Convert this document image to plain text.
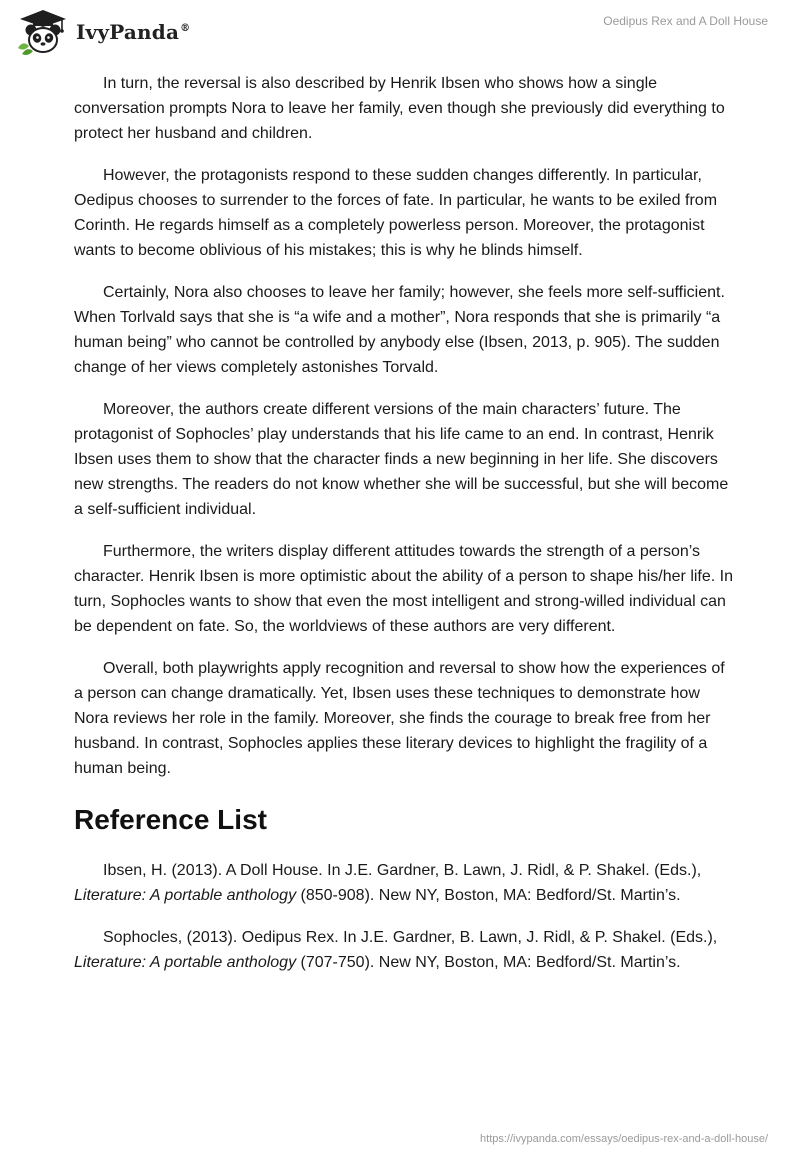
IvyPanda®
Oedipus Rex and A Doll House

In turn, the reversal is also described by Henrik Ibsen who shows how a single conversation prompts Nora to leave her family, even though she previously did everything to protect her husband and children.

However, the protagonists respond to these sudden changes differently. In particular, Oedipus chooses to surrender to the forces of fate. In particular, he wants to be exiled from Corinth. He regards himself as a completely powerless person. Moreover, the protagonist wants to become oblivious of his mistakes; this is why he blinds himself.

Certainly, Nora also chooses to leave her family; however, she feels more self-sufficient. When Torlvald says that she is “a wife and a mother”, Nora responds that she is primarily “a human being” who cannot be controlled by anybody else (Ibsen, 2013, p. 905). The sudden change of her views completely astonishes Torvald.

Moreover, the authors create different versions of the main characters’ future. The protagonist of Sophocles’ play understands that his life came to an end. In contrast, Henrik Ibsen uses them to show that the character finds a new beginning in her life. She discovers new strengths. The readers do not know whether she will be successful, but she will become a self-sufficient individual.

Furthermore, the writers display different attitudes towards the strength of a person’s character. Henrik Ibsen is more optimistic about the ability of a person to shape his/her life. In turn, Sophocles wants to show that even the most intelligent and strong-willed individual can be dependent on fate. So, the worldviews of these authors are very different.

Overall, both playwrights apply recognition and reversal to show how the experiences of a person can change dramatically. Yet, Ibsen uses these techniques to demonstrate how Nora reviews her role in the family. Moreover, she finds the courage to break free from her husband. In contrast, Sophocles applies these literary devices to highlight the fragility of a human being.

Reference List

Ibsen, H. (2013). A Doll House. In J.E. Gardner, B. Lawn, J. Ridl, & P. Shakel. (Eds.), Literature: A portable anthology (850-908). New NY, Boston, MA: Bedford/St. Martin’s.

Sophocles, (2013). Oedipus Rex. In J.E. Gardner, B. Lawn, J. Ridl, & P. Shakel. (Eds.), Literature: A portable anthology (707-750). New NY, Boston, MA: Bedford/St. Martin’s.

https://ivypanda.com/essays/oedipus-rex-and-a-doll-house/
